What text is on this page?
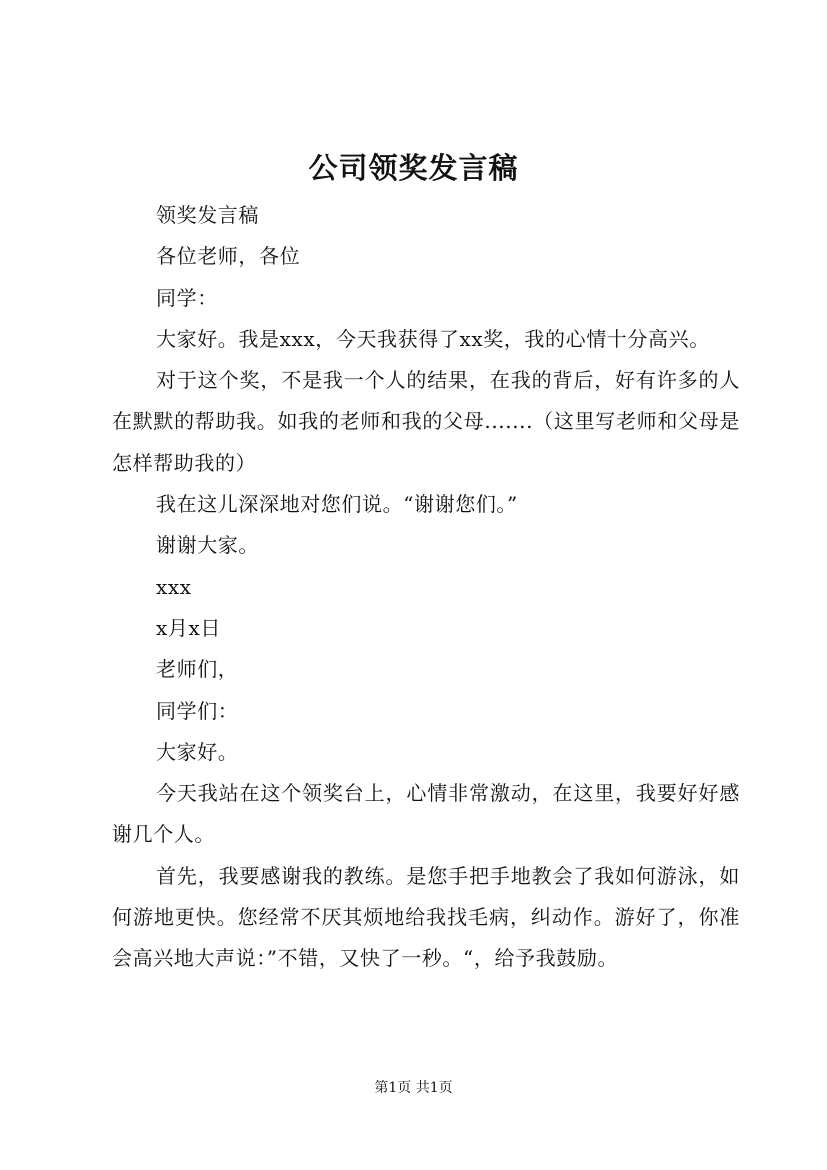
公司领奖发言稿

领奖发言稿

各位老师，各位

同学：

大家好。我是xxx，今天我获得了xx奖，我的心情十分高兴。

对于这个奖，不是我一个人的结果，在我的背后，好有许多的人在默默的帮助我。如我的老师和我的父母.......（这里写老师和父母是怎样帮助我的）

我在这儿深深地对您们说。“谢谢您们。”

谢谢大家。

xxx

x月x日

老师们，

同学们：

大家好。

今天我站在这个领奖台上，心情非常激动，在这里，我要好好感谢几个人。

首先，我要感谢我的教练。是您手把手地教会了我如何游泳，如何游地更快。您经常不厌其烦地给我找毛病，纠动作。游好了，你准会高兴地大声说：”不错，又快了一秒。“，给予我鼓励。

第1页 共1页
